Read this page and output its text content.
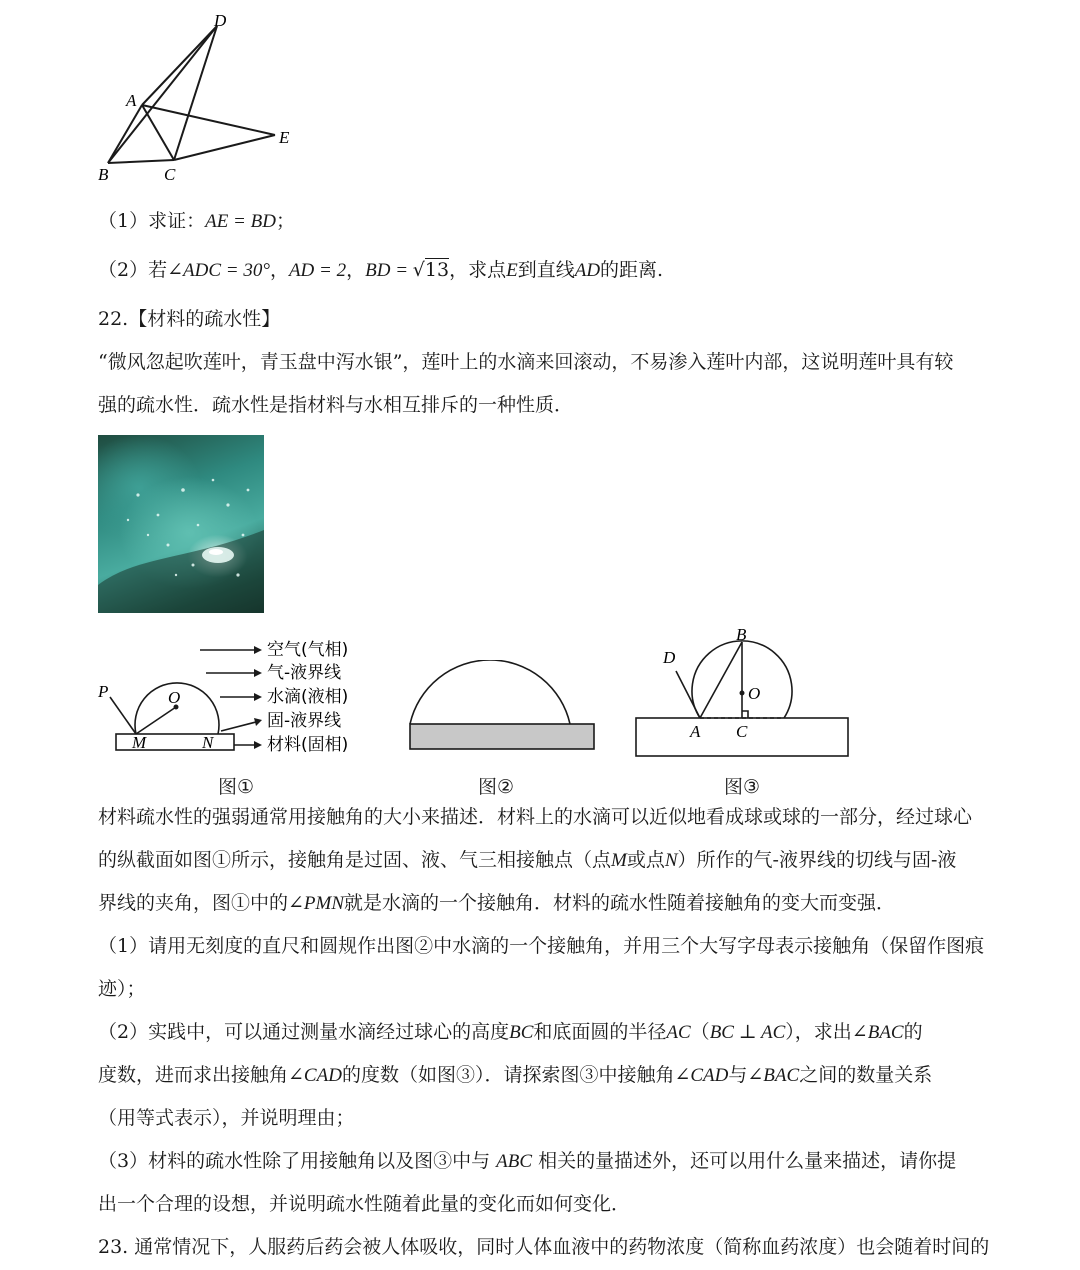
D
A
E
B	C
（1）求证：AE = BD；
（2）若∠ADC = 30°，AD = 2，BD = √13，求点E到直线AD的距离.
22.【材料的疏水性】
“微风忽起吹莲叶，青玉盘中泻水银”，莲叶上的水滴来回滚动，不易渗入莲叶内部，这说明莲叶具有较
强的疏水性．疏水性是指材料与水相互排斥的一种性质．
P	O
M	N
空气(气相)
气-液界线
水滴(液相)
固-液界线
材料(固相)
图①	图②
D
B
O
A C
图③
材料疏水性的强弱通常用接触角的大小来描述．材料上的水滴可以近似地看成球或球的一部分，经过球心
的纵截面如图①所示，接触角是过固、液、气三相接触点（点M或点N）所作的气-液界线的切线与固-液
界线的夹角，图①中的∠PMN就是水滴的一个接触角．材料的疏水性随着接触角的变大而变强．
（1）请用无刻度的直尺和圆规作出图②中水滴的一个接触角，并用三个大写字母表示接触角（保留作图痕
迹）；
（2）实践中，可以通过测量水滴经过球心的高度BC和底面圆的半径AC（BC ⊥ AC），求出∠BAC的
度数，进而求出接触角∠CAD的度数（如图③）．请探索图③中接触角∠CAD与∠BAC之间的数量关系
（用等式表示），并说明理由；
（3）材料的疏水性除了用接触角以及图③中与 ABC 相关的量描述外，还可以用什么量来描述，请你提
出一个合理的设想，并说明疏水性随着此量的变化而如何变化．
23. 通常情况下，人服药后药会被人体吸收，同时人体血液中的药物浓度（简称血药浓度）也会随着时间的
